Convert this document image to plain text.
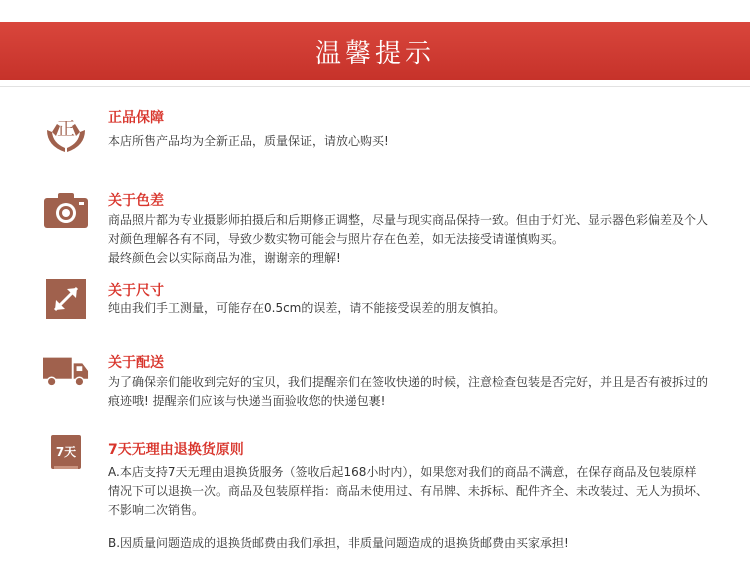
温馨提示
正
正品保障

本店所售产品均为全新正品，质量保证，请放心购买!

关于色差

商品照片都为专业摄影师拍摄后和后期修正调整，尽量与现实商品保持一致。但由于灯光、显示器色彩偏差及个人

对颜色理解各有不同，导致少数实物可能会与照片存在色差，如无法接受请谨慎购买。

最终颜色会以实际商品为准，谢谢亲的理解!

关于尺寸

纯由我们手工测量，可能存在0.5cm的误差，请不能接受误差的朋友慎拍。

关于配送

为了确保亲们能收到完好的宝贝，我们提醒亲们在签收快递的时候，注意检查包装是否完好，并且是否有被拆过的

痕迹哦! 提醒亲们应该与快递当面验收您的快递包裹!

7天 7天无理由退换货原则

A.本店支持7天无理由退换货服务（签收后起168小时内），如果您对我们的商品不满意，在保存商品及包装原样

情况下可以退换一次。商品及包装原样指：商品未使用过、有吊牌、未拆标、配件齐全、未改装过、无人为损坏、

不影响二次销售。

B.因质量问题造成的退换货邮费由我们承担，非质量问题造成的退换货邮费由买家承担!
